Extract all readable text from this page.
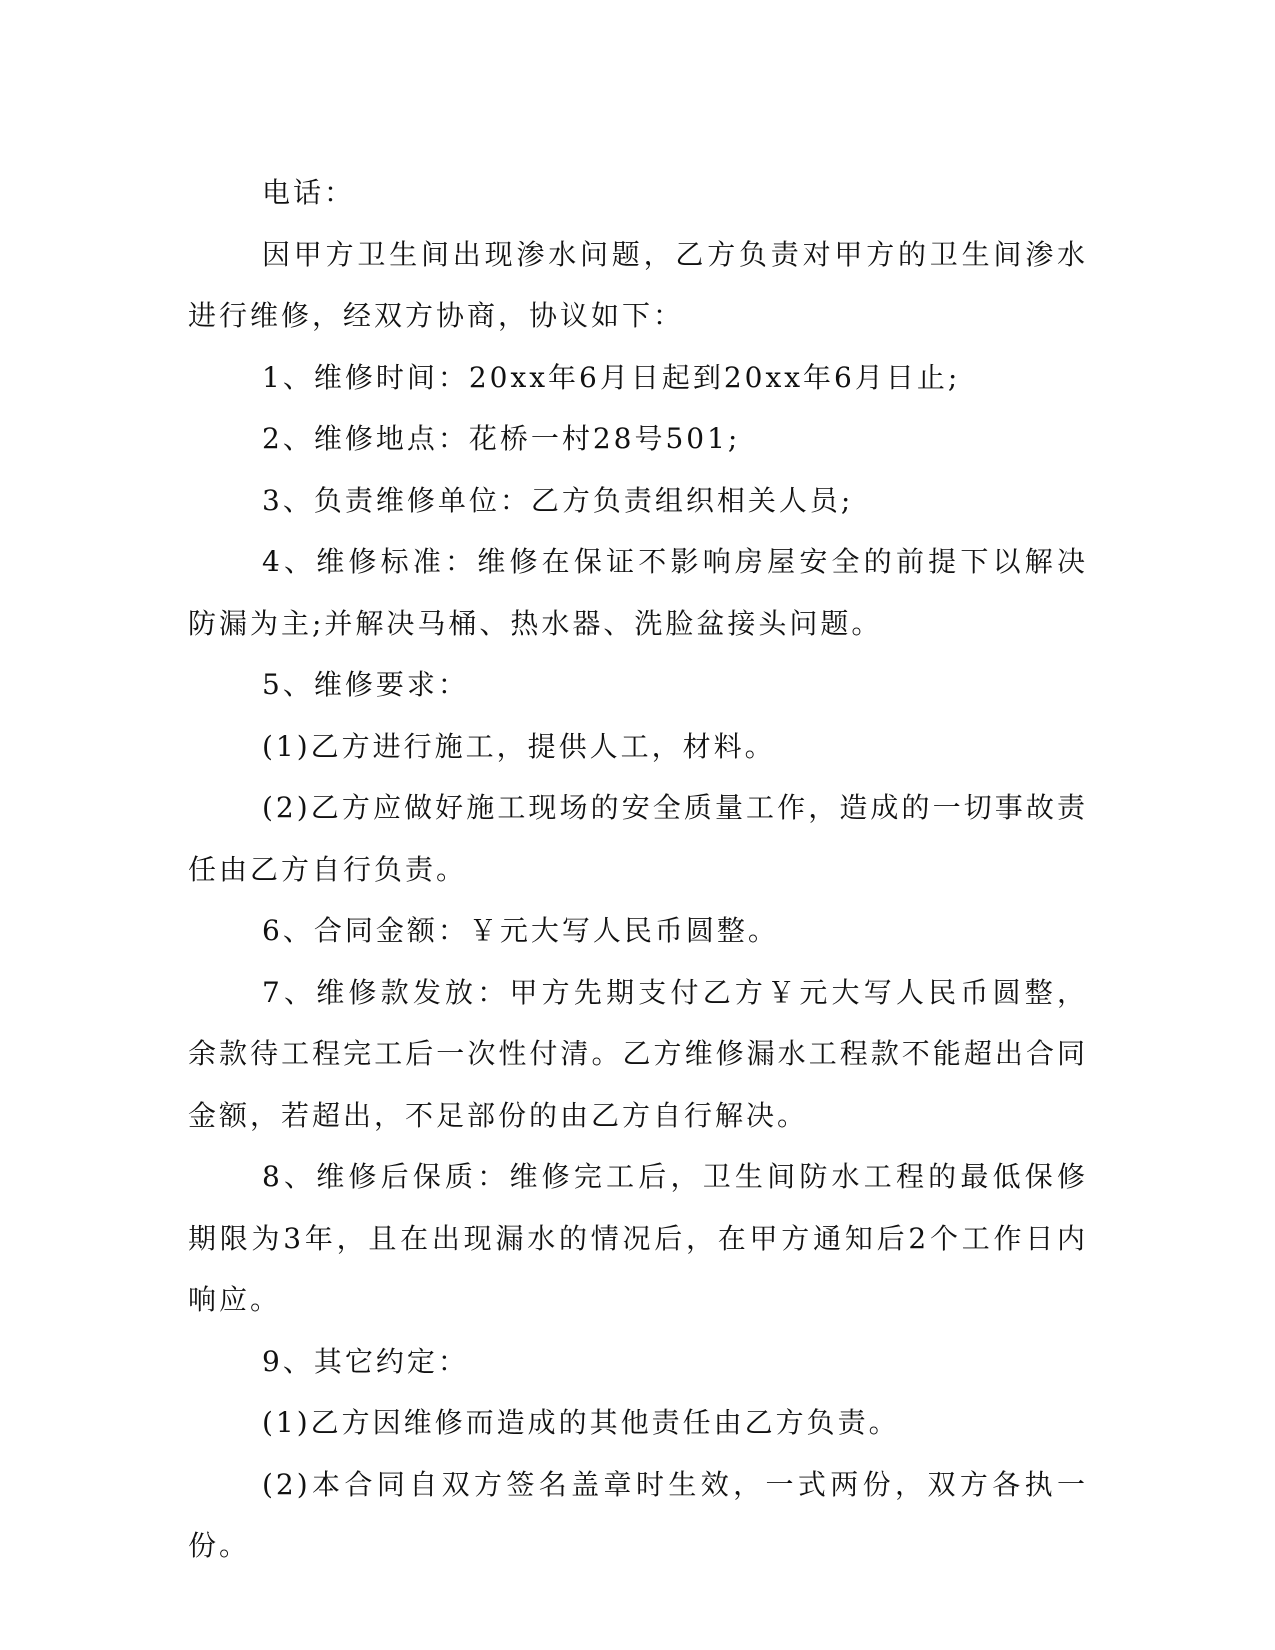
电话：

因甲方卫生间出现渗水问题，乙方负责对甲方的卫生间渗水进行维修，经双方协商，协议如下：

1、维修时间：20xx年6月日起到20xx年6月日止;

2、维修地点：花桥一村28号501;

3、负责维修单位：乙方负责组织相关人员;

4、维修标准：维修在保证不影响房屋安全的前提下以解决防漏为主;并解决马桶、热水器、洗脸盆接头问题。

5、维修要求：

(1)乙方进行施工，提供人工，材料。

(2)乙方应做好施工现场的安全质量工作，造成的一切事故责任由乙方自行负责。

6、合同金额：￥元大写人民币圆整。

7、维修款发放：甲方先期支付乙方￥元大写人民币圆整，余款待工程完工后一次性付清。乙方维修漏水工程款不能超出合同金额，若超出，不足部份的由乙方自行解决。

8、维修后保质：维修完工后，卫生间防水工程的最低保修期限为3年，且在出现漏水的情况后，在甲方通知后2个工作日内响应。

9、其它约定：

(1)乙方因维修而造成的其他责任由乙方负责。

(2)本合同自双方签名盖章时生效，一式两份，双方各执一份。
